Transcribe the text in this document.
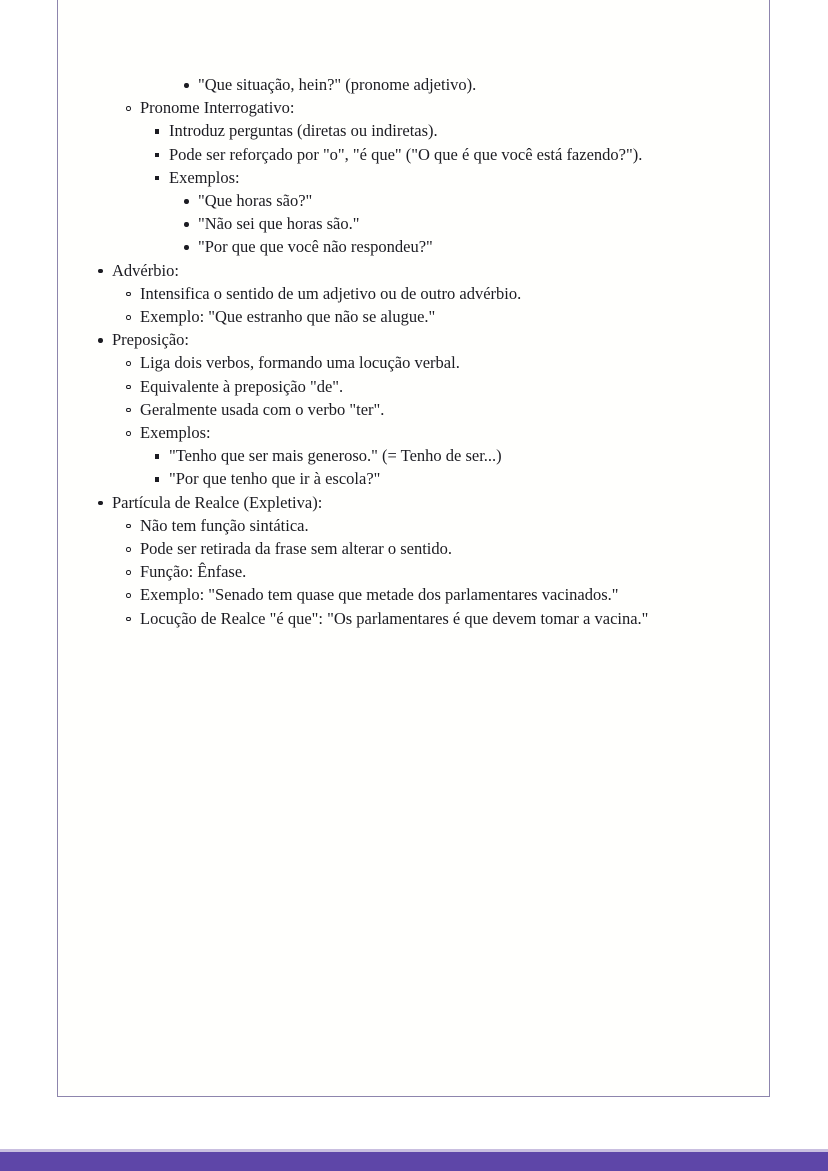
"Que situação, hein?" (pronome adjetivo).
Pronome Interrogativo:
Introduz perguntas (diretas ou indiretas).
Pode ser reforçado por "o", "é que" ("O que é que você está fazendo?").
Exemplos:
"Que horas são?"
"Não sei que horas são."
"Por que que você não respondeu?"
Advérbio:
Intensifica o sentido de um adjetivo ou de outro advérbio.
Exemplo: "Que estranho que não se alugue."
Preposição:
Liga dois verbos, formando uma locução verbal.
Equivalente à preposição "de".
Geralmente usada com o verbo "ter".
Exemplos:
"Tenho que ser mais generoso." (= Tenho de ser...)
"Por que tenho que ir à escola?"
Partícula de Realce (Expletiva):
Não tem função sintática.
Pode ser retirada da frase sem alterar o sentido.
Função: Ênfase.
Exemplo: "Senado tem quase que metade dos parlamentares vacinados."
Locução de Realce "é que": "Os parlamentares é que devem tomar a vacina."
